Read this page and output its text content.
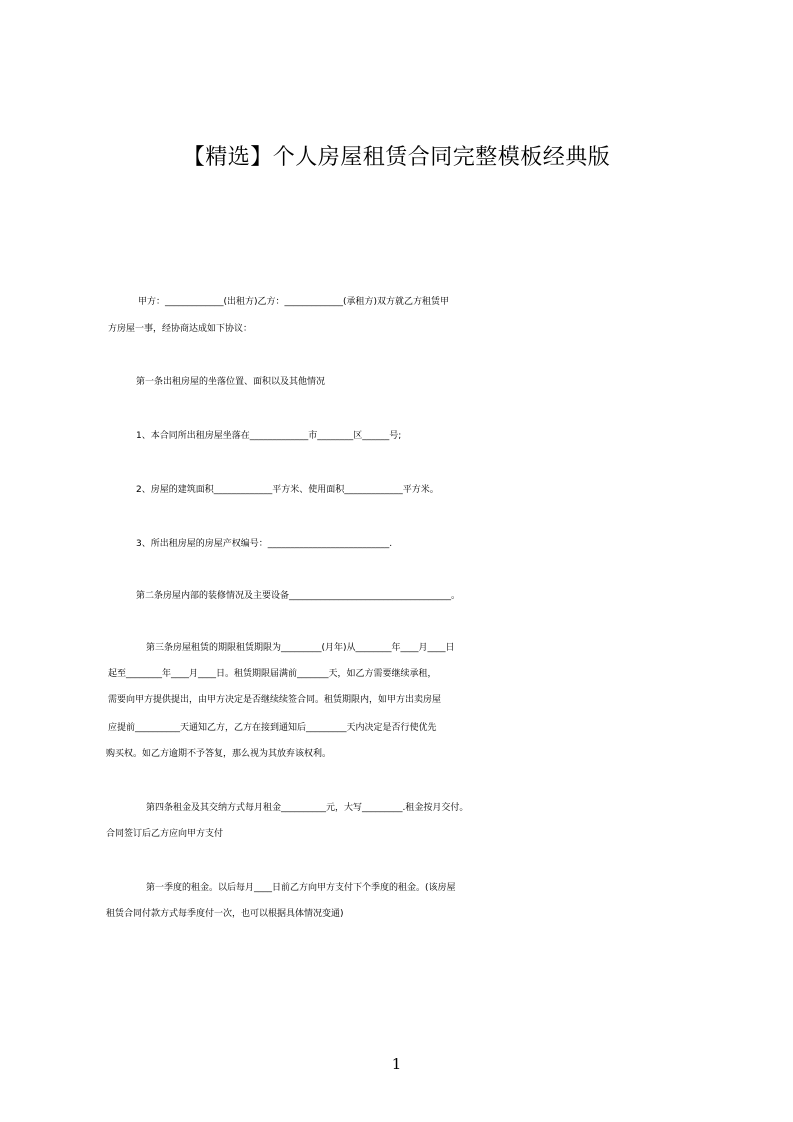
【精选】个人房屋租赁合同完整模板经典版
甲方：_____________(出租方)乙方：_____________(承租方)双方就乙方租赁甲
方房屋一事，经协商达成如下协议：
第一条出租房屋的坐落位置、面积以及其他情况
1、本合同所出租房屋坐落在_____________市________区______号;
2、房屋的建筑面积_____________平方米、使用面积_____________平方米。
3、所出租房屋的房屋产权编号：___________________________.
第二条房屋内部的装修情况及主要设备____________________________________。
第三条房屋租赁的期限租赁期限为_________(月年)从________年____月____日
起至________年____月____日。租赁期限届满前_______天，如乙方需要继续承租，
需要向甲方提供提出，由甲方决定是否继续续签合同。租赁期限内，如甲方出卖房屋
应提前__________天通知乙方，乙方在接到通知后_________天内决定是否行使优先
购买权。如乙方逾期不予答复，那么视为其放弃该权利。
第四条租金及其交纳方式每月租金__________元，大写_________.租金按月交付。
合同签订后乙方应向甲方支付
第一季度的租金。以后每月____日前乙方向甲方支付下个季度的租金。(该房屋
租赁合同付款方式每季度付一次，也可以根据具体情况变通)
1
